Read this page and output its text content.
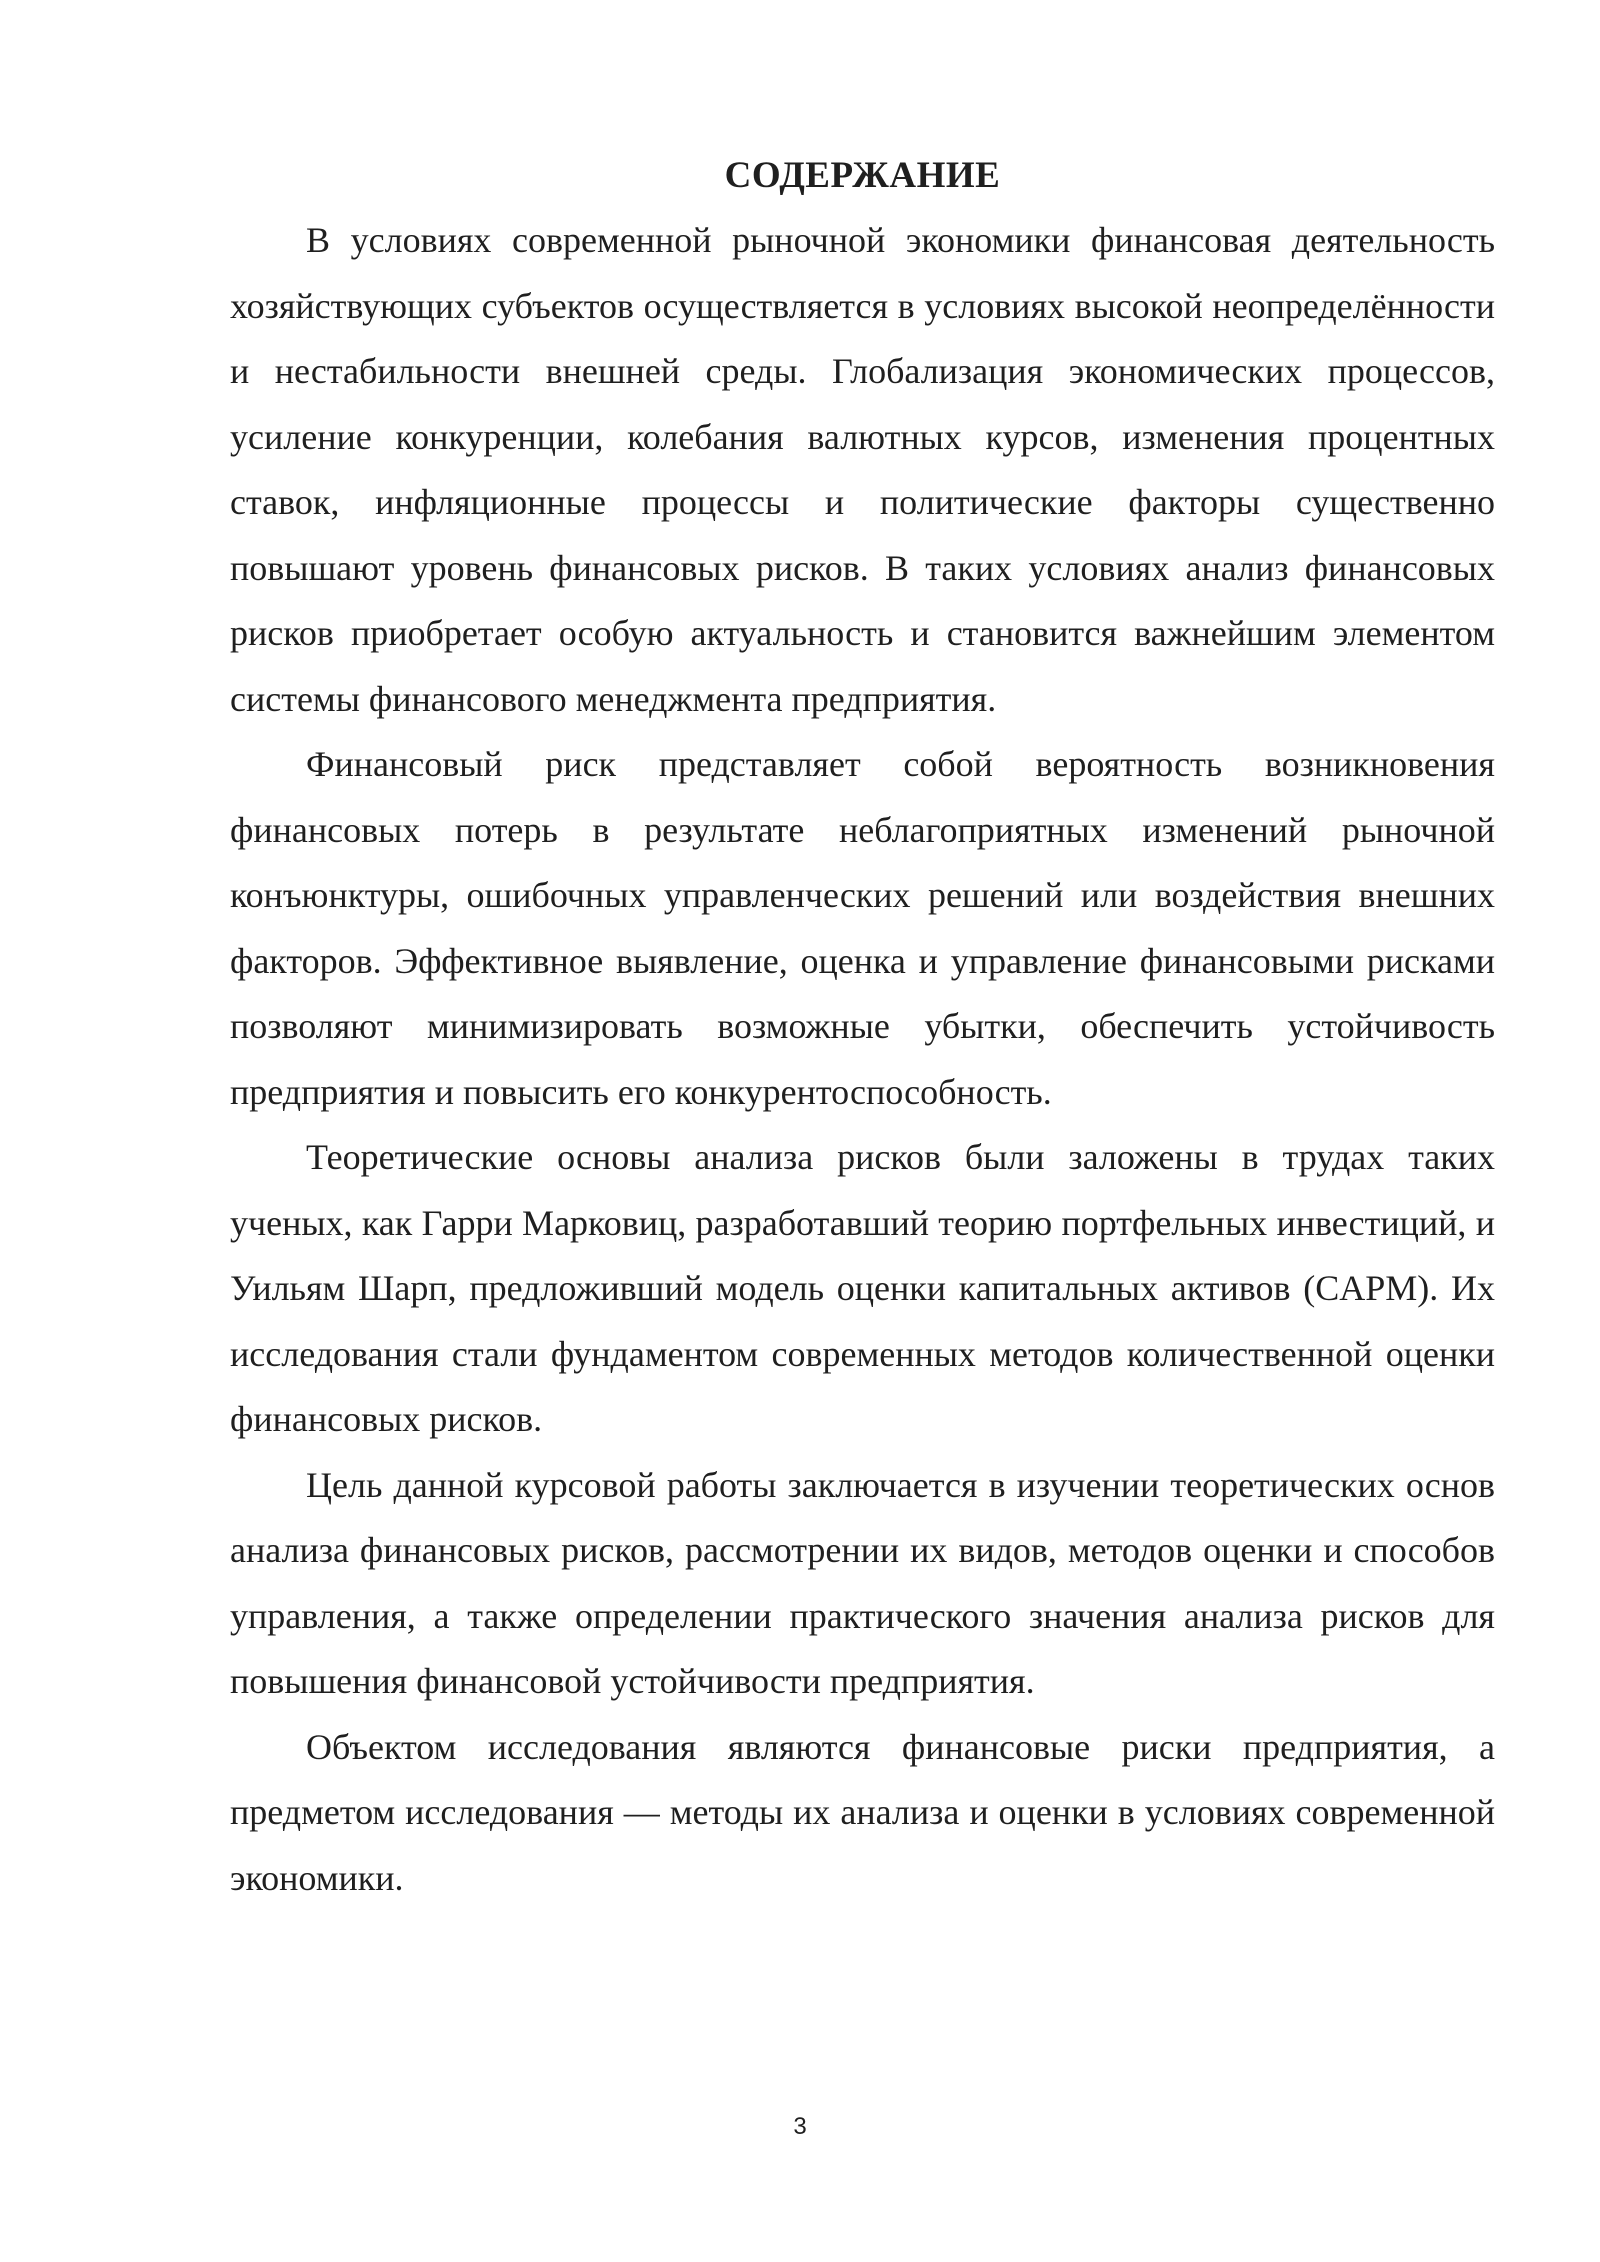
СОДЕРЖАНИЕ

В условиях современной рыночной экономики финансовая деятельность хозяйствующих субъектов осуществляется в условиях высокой неопределённости и нестабильности внешней среды. Глобализация экономических процессов, усиление конкуренции, колебания валютных курсов, изменения процентных ставок, инфляционные процессы и политические факторы существенно повышают уровень финансовых рисков. В таких условиях анализ финансовых рисков приобретает особую актуальность и становится важнейшим элементом системы финансового менеджмента предприятия.

Финансовый риск представляет собой вероятность возникновения финансовых потерь в результате неблагоприятных изменений рыночной конъюнктуры, ошибочных управленческих решений или воздействия внешних факторов. Эффективное выявление, оценка и управление финансовыми рисками позволяют минимизировать возможные убытки, обеспечить устойчивость предприятия и повысить его конкурентоспособность.

Теоретические основы анализа рисков были заложены в трудах таких ученых, как Гарри Марковиц, разработавший теорию портфельных инвестиций, и Уильям Шарп, предложивший модель оценки капитальных активов (CAPM). Их исследования стали фундаментом современных методов количественной оценки финансовых рисков.

Цель данной курсовой работы заключается в изучении теоретических основ анализа финансовых рисков, рассмотрении их видов, методов оценки и способов управления, а также определении практического значения анализа рисков для повышения финансовой устойчивости предприятия.

Объектом исследования являются финансовые риски предприятия, а предметом исследования — методы их анализа и оценки в условиях современной экономики.

3
